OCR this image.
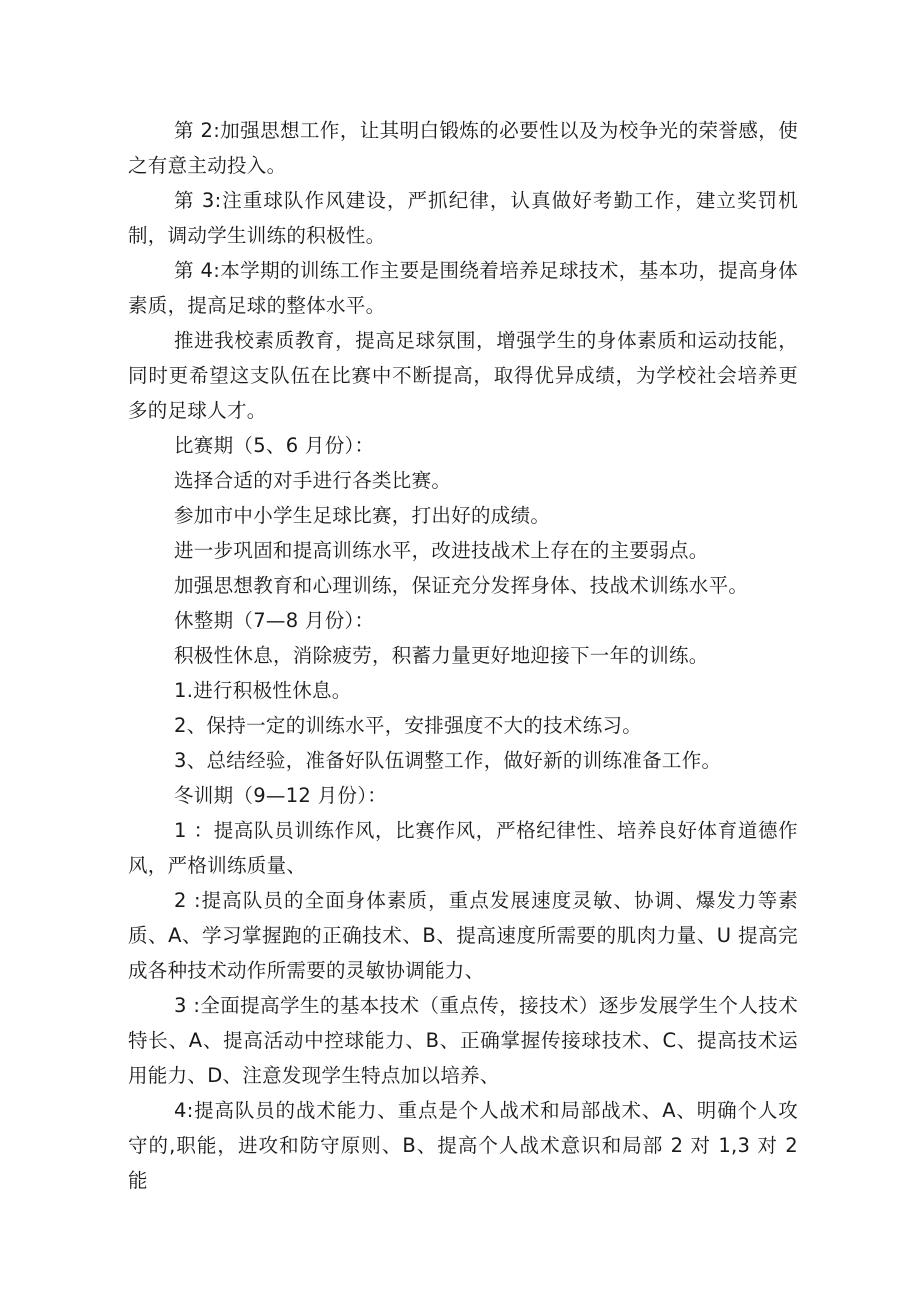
第 2:加强思想工作，让其明白锻炼的必要性以及为校争光的荣誉感，使之有意主动投入。

第 3:注重球队作风建设，严抓纪律，认真做好考勤工作，建立奖罚机制，调动学生训练的积极性。

第 4:本学期的训练工作主要是围绕着培养足球技术，基本功，提高身体素质，提高足球的整体水平。

推进我校素质教育，提高足球氛围，增强学生的身体素质和运动技能，同时更希望这支队伍在比赛中不断提高，取得优异成绩，为学校社会培养更多的足球人才。

比赛期（5、6 月份）：

选择合适的对手进行各类比赛。

参加市中小学生足球比赛，打出好的成绩。

进一步巩固和提高训练水平，改进技战术上存在的主要弱点。

加强思想教育和心理训练，保证充分发挥身体、技战术训练水平。

休整期（7—8 月份）：

积极性休息，消除疲劳，积蓄力量更好地迎接下一年的训练。

1.进行积极性休息。

2、保持一定的训练水平，安排强度不大的技术练习。

3、总结经验，准备好队伍调整工作，做好新的训练准备工作。

冬训期（9—12 月份）：

1 ：提高队员训练作风，比赛作风，严格纪律性、培养良好体育道德作风，严格训练质量、

2 :提高队员的全面身体素质，重点发展速度灵敏、协调、爆发力等素质、A、学习掌握跑的正确技术、B、提高速度所需要的肌肉力量、U 提高完成各种技术动作所需要的灵敏协调能力、

3 :全面提高学生的基本技术（重点传，接技术）逐步发展学生个人技术特长、A、提高活动中控球能力、B、正确掌握传接球技术、C、提高技术运用能力、D、注意发现学生特点加以培养、

4:提高队员的战术能力、重点是个人战术和局部战术、A、明确个人攻守的,职能，进攻和防守原则、B、提高个人战术意识和局部 2 对 1,3 对 2 能
